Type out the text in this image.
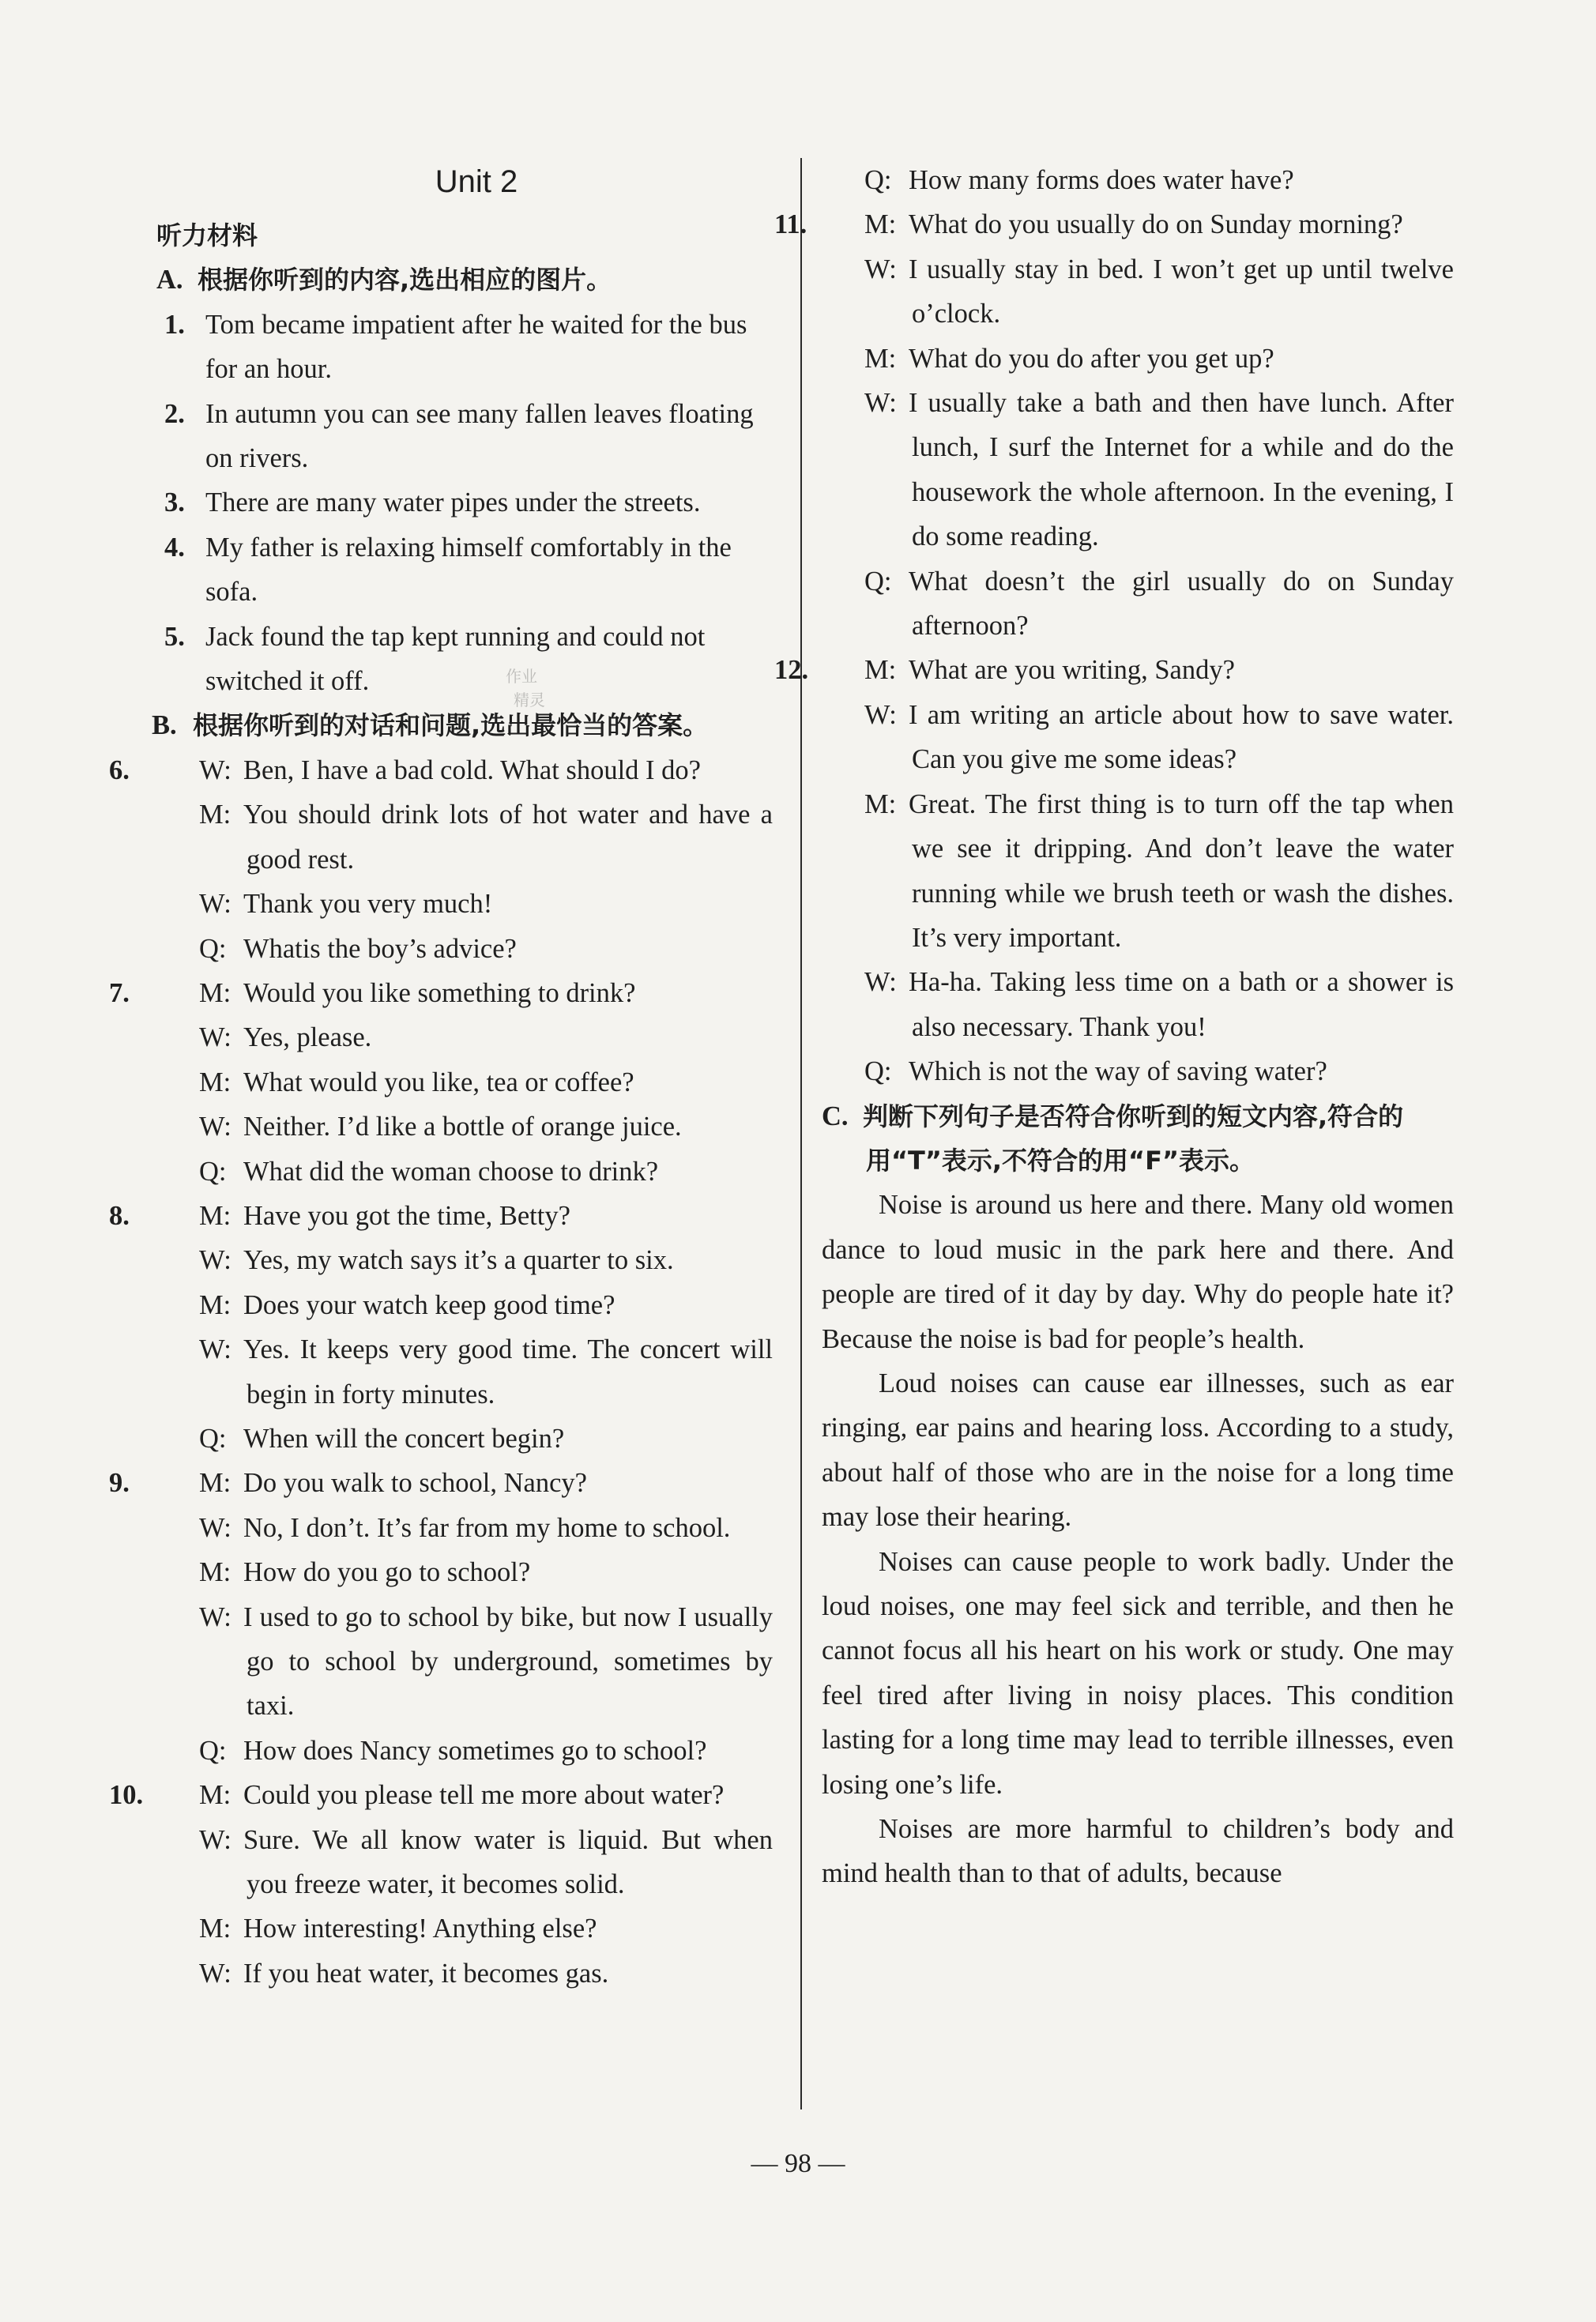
作业
精灵
Unit 2
听力材料
A. 根据你听到的内容,选出相应的图片。
1. Tom became impatient after he waited for the bus for an hour.
2. In autumn you can see many fallen leaves floating on rivers.
3. There are many water pipes under the streets.
4. My father is relaxing himself comfortably in the sofa.
5. Jack found the tap kept running and could not switched it off.
B. 根据你听到的对话和问题,选出最恰当的答案。
6.	W: Ben, I have a bad cold. What should I do?
M: You should drink lots of hot water and have a good rest.
W: Thank you very much!
Q: Whatis the boy’s advice?
7.	M: Would you like something to drink?
W: Yes, please.
M: What would you like, tea or coffee?
W: Neither. I’d like a bottle of orange juice.
Q: What did the woman choose to drink?
8.	M: Have you got the time, Betty?
W: Yes, my watch says it’s a quarter to six.
M: Does your watch keep good time?
W: Yes. It keeps very good time. The concert will begin in forty minutes.
Q: When will the concert begin?
9.	M: Do you walk to school, Nancy?
W: No, I don’t. It’s far from my home to school.
M: How do you go to school?
W: I used to go to school by bike, but now I usually go to school by underground, sometimes by taxi.
Q: How does Nancy sometimes go to school?
10. M: Could you please tell me more about water?
W: Sure. We all know water is liquid. But when you freeze water, it becomes solid.
M: How interesting! Anything else?
W: If you heat water, it becomes gas.
Q: How many forms does water have?
11. M: What do you usually do on Sunday morning?
W: I usually stay in bed. I won’t get up until twelve o’clock.
M: What do you do after you get up?
W: I usually take a bath and then have lunch. After lunch, I surf the Internet for a while and do the housework the whole afternoon. In the evening, I do some reading.
Q: What doesn’t the girl usually do on Sunday afternoon?
12. M: What are you writing, Sandy?
W: I am writing an article about how to save water. Can you give me some ideas?
M: Great. The first thing is to turn off the tap when we see it dripping. And don’t leave the water running while we brush teeth or wash the dishes. It’s very important.
W: Ha-ha. Taking less time on a bath or a shower is also necessary. Thank you!
Q: Which is not the way of saving water?
C. 判断下列句子是否符合你听到的短文内容,符合的用“T”表示,不符合的用“F”表示。
Noise is around us here and there. Many old women dance to loud music in the park here and there. And people are tired of it day by day. Why do people hate it? Because the noise is bad for people’s health.
Loud noises can cause ear illnesses, such as ear ringing, ear pains and hearing loss. According to a study, about half of those who are in the noise for a long time may lose their hearing.
Noises can cause people to work badly. Under the loud noises, one may feel sick and terrible, and then he cannot focus all his heart on his work or study. One may feel tired after living in noisy places. This condition lasting for a long time may lead to terrible illnesses, even losing one’s life.
Noises are more harmful to children’s body and mind health than to that of adults, because
— 98 —
